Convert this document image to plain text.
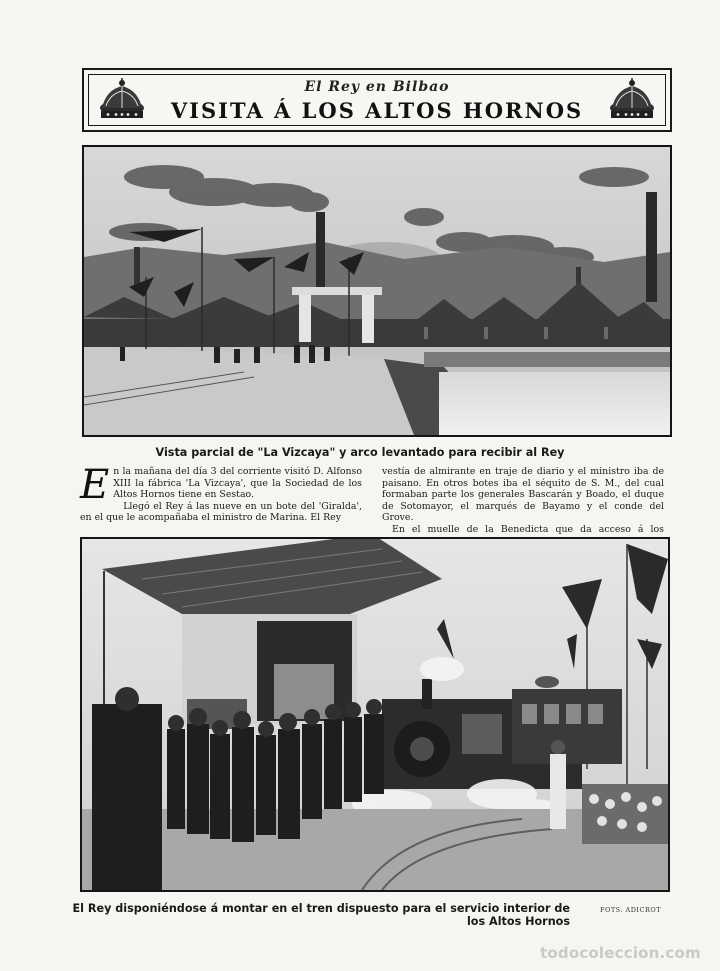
El Rey en Bilbao
VISITA Á LOS ALTOS HORNOS
Vista parcial de "La Vizcaya" y arco levantado para recibir al Rey
E n la mañana del día 3 del corriente visitó D. Alfonso XIII la fábrica 'La Vizcaya', que la Sociedad de los Altos Hornos tiene en Sestao.

Llegó el Rey á las nueve en un bote del 'Giralda', en el que le acompañaba el ministro de Marina. El Rey

vestía de almirante en traje de diario y el ministro iba de paisano. En otros botes iba el séquito de S. M., del cual formaban parte los generales Bascarán y Boado, el duque de Sotomayor, el marqués de Bayamo y el conde del Grove.

En el muelle de la Benedicta que da acceso á los

El Rey disponiéndose á montar en el tren dispuesto para el servicio interior de los Altos Hornos
FOTS. ADICROT
todocoleccion.com
